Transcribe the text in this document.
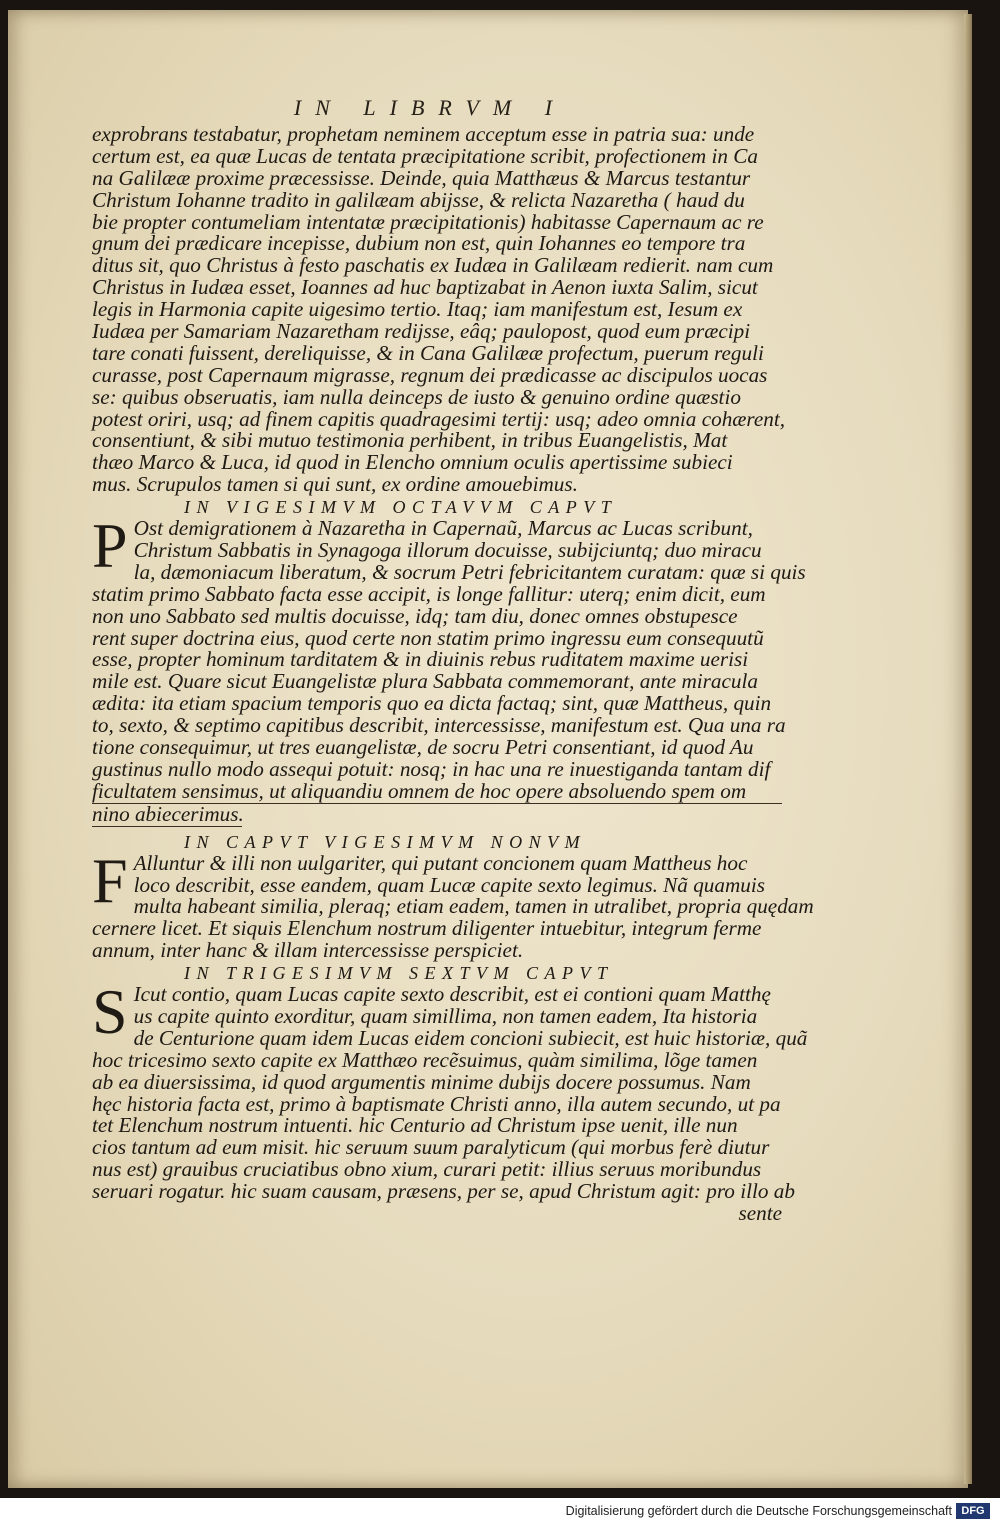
IN LIBRVM I
exprobrans testabatur, prophetam neminem acceptum esse in patria sua: unde
certum est, ea quæ Lucas de tentata præcipitatione scribit, profectionem in Ca
na Galilææ proxime præcessisse. Deinde, quia Matthæus & Marcus testantur
Christum Iohanne tradito in galilæam abijsse, & relicta Nazaretha ( haud du
bie propter contumeliam intentatæ præcipitationis) habitasse Capernaum ac re
gnum dei prædicare incepisse, dubium non est, quin Iohannes eo tempore tra
ditus sit, quo Christus à festo paschatis ex Iudæa in Galilæam redierit. nam cum
Christus in Iudæa esset, Ioannes ad huc baptizabat in Aenon iuxta Salim, sicut
legis in Harmonia capite uigesimo tertio. Itaq; iam manifestum est, Iesum ex
Iudæa per Samariam Nazaretham redijsse, eâq; paulopost, quod eum præcipi
tare conati fuissent, dereliquisse, & in Cana Galilææ profectum, puerum reguli
curasse, post Capernaum migrasse, regnum dei prædicasse ac discipulos uocas
se: quibus obseruatis, iam nulla deinceps de iusto & genuino ordine quæstio
potest oriri, usq; ad finem capitis quadragesimi tertij: usq; adeo omnia cohærent,
consentiunt, & sibi mutuo testimonia perhibent, in tribus Euangelistis, Mat
thæo Marco & Luca, id quod in Elencho omnium oculis apertissime subieci
mus. Scrupulos tamen si qui sunt, ex ordine amouebimus.
IN VIGESIMVM OCTAVVM CAPVT
P Ost demigrationem à Nazaretha in Capernaũ, Marcus ac Lucas scribunt,
Christum Sabbatis in Synagoga illorum docuisse, subijciuntq; duo miracu
la, dæmoniacum liberatum, & socrum Petri febricitantem curatam: quæ si quis
statim primo Sabbato facta esse accipit, is longe fallitur: uterq; enim dicit, eum
non uno Sabbato sed multis docuisse, idq; tam diu, donec omnes obstupesce
rent super doctrina eius, quod certe non statim primo ingressu eum consequutũ
esse, propter hominum tarditatem & in diuinis rebus ruditatem maxime uerisi
mile est. Quare sicut Euangelistæ plura Sabbata commemorant, ante miracula
ædita: ita etiam spacium temporis quo ea dicta factaq; sint, quæ Mattheus, quin
to, sexto, & septimo capitibus describit, intercessisse, manifestum est. Qua una ra
tione consequimur, ut tres euangelistæ, de socru Petri consentiant, id quod Au
gustinus nullo modo assequi potuit: nosq; in hac una re inuestiganda tantam dif
ficultatem sensimus, ut aliquandiu omnem de hoc opere absoluendo spem om
nino abiecerimus.
IN CAPVT VIGESIMVM NONVM
F Alluntur & illi non uulgariter, qui putant concionem quam Mattheus hoc
loco describit, esse eandem, quam Lucæ capite sexto legimus. Nã quamuis
multa habeant similia, pleraq; etiam eadem, tamen in utralibet, propria quędam
cernere licet. Et siquis Elenchum nostrum diligenter intuebitur, integrum ferme
annum, inter hanc & illam intercessisse perspiciet.
IN TRIGESIMVM SEXTVM CAPVT
S Icut contio, quam Lucas capite sexto describit, est ei contioni quam Matthę
us capite quinto exorditur, quam simillima, non tamen eadem, Ita historia
de Centurione quam idem Lucas eidem concioni subiecit, est huic historiæ, quã
hoc tricesimo sexto capite ex Matthæo recẽsuimus, quàm similima, lõge tamen
ab ea diuersissima, id quod argumentis minime dubijs docere possumus. Nam
hęc historia facta est, primo à baptismate Christi anno, illa autem secundo, ut pa
tet Elenchum nostrum intuenti. hic Centurio ad Christum ipse uenit, ille nun
cios tantum ad eum misit. hic seruum suum paralyticum (qui morbus ferè diutur
nus est) grauibus cruciatibus obno xium, curari petit: illius seruus moribundus
seruari rogatur. hic suam causam, præsens, per se, apud Christum agit: pro illo ab
sente
Digitalisierung gefördert durch die Deutsche Forschungsgemeinschaft DFG
